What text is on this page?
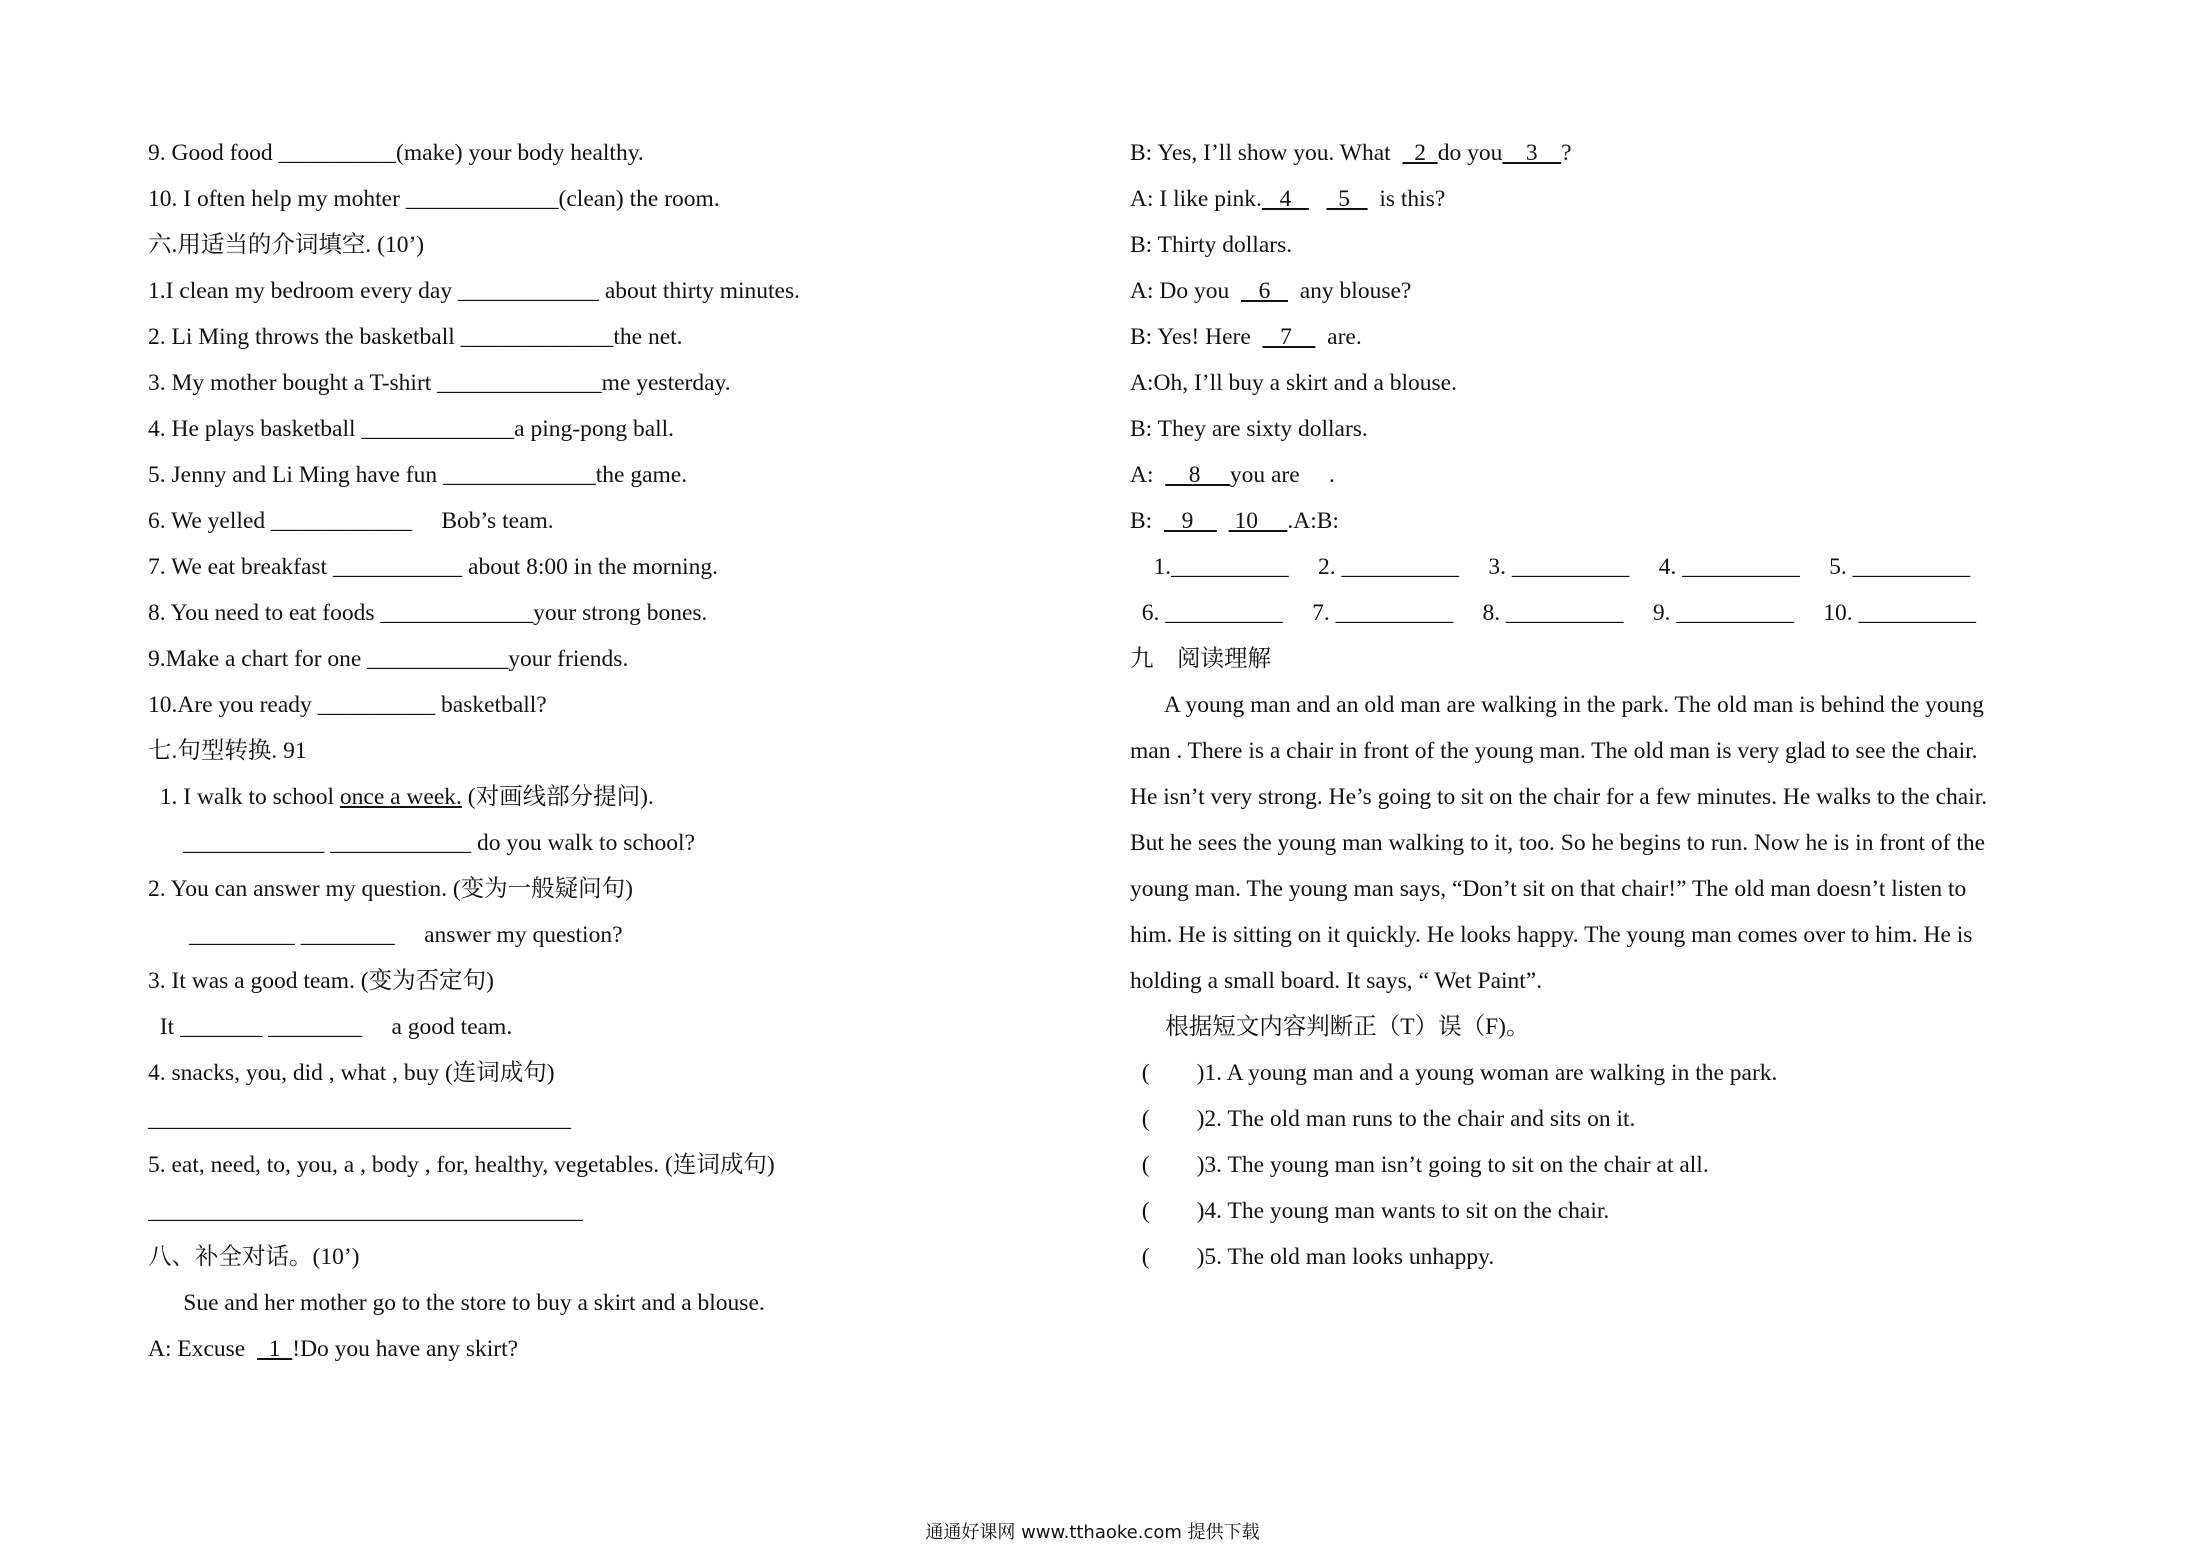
9. Good food __________(make) your body healthy.
10. I often help my mohter _____________(clean) the room.
六.用适当的介词填空. (10’)
1.I clean my bedroom every day ____________ about thirty minutes.
2. Li Ming throws the basketball _____________the net.
3. My mother bought a T-shirt ______________me yesterday.
4. He plays basketball _____________a ping-pong ball.
5. Jenny and Li Ming have fun _____________the game.
6. We yelled ____________     Bob’s team.
7. We eat breakfast ___________ about 8:00 in the morning.
8. You need to eat foods _____________your strong bones.
9.Make a chart for one ____________your friends.
10.Are you ready __________ basketball?
七.句型转换. 91
1. I walk to school once a week. (对画线部分提问).
____________ ____________ do you walk to school?
2. You can answer my question. (变为一般疑问句)
_________ ________     answer my question?
3. It was a good team. (变为否定句)
It _______ ________     a good team.
4. snacks, you, did , what , buy (连词成句)
____________________________________
5. eat, need, to, you, a , body , for, healthy, vegetables. (连词成句)
_____________________________________
八、补全对话。(10’)
Sue and her mother go to the store to buy a skirt and a blouse.
A: Excuse    1  !Do you have any skirt?
B: Yes, I’ll show you. What    2  do you    3    ?
A: I like pink.   4        5     is this?
B: Thirty dollars.
A: Do you     6     any blouse?
B: Yes! Here     7      are.
A:Oh, I’ll buy a skirt and a blouse.
B: They are sixty dollars.
A:      8     you are     .
B:     9       10     .A:B:
1.__________     2. __________     3. __________     4. __________     5. __________
6. __________     7. __________     8. __________     9. __________     10. __________
九    阅读理解
A young man and an old man are walking in the park. The old man is behind the young
man . There is a chair in front of the young man. The old man is very glad to see the chair.
He isn’t very strong. He’s going to sit on the chair for a few minutes. He walks to the chair.
But he sees the young man walking to it, too. So he begins to run. Now he is in front of the
young man. The young man says, “Don’t sit on that chair!” The old man doesn’t listen to
him. He is sitting on it quickly. He looks happy. The young man comes over to him. He is
holding a small board. It says, “ Wet Paint”.
根据短文内容判断正（T）误（F)。
(        )1. A young man and a young woman are walking in the park.
(        )2. The old man runs to the chair and sits on it.
(        )3. The young man isn’t going to sit on the chair at all.
(        )4. The young man wants to sit on the chair.
(        )5. The old man looks unhappy.
通通好课网 www.tthaoke.com 提供下载
